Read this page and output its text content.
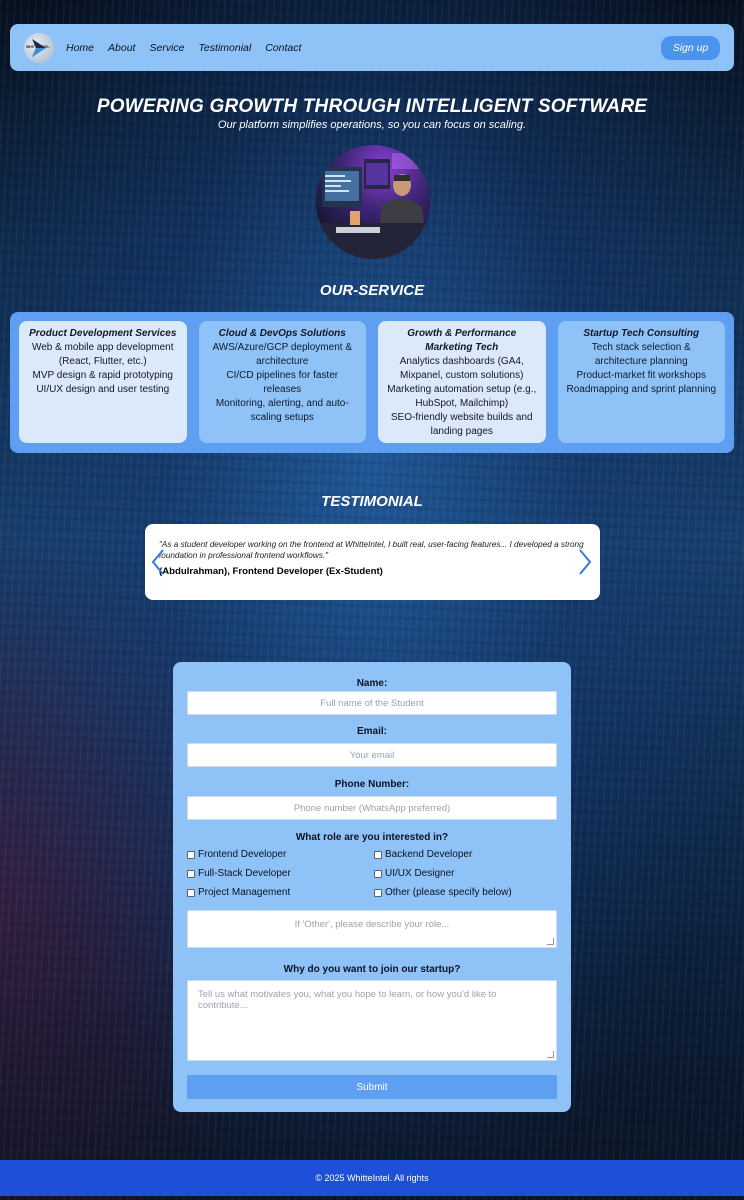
WHITTEINTEL Home About Service Testimonial Contact	Sign up
POWERING GROWTH THROUGH INTELLIGENT SOFTWARE
Our platform simplifies operations, so you can focus on scaling.
OUR-SERVICE
Product Development Services
Web & mobile app development (React, Flutter, etc.)
MVP design & rapid prototyping
UI/UX design and user testing
Cloud & DevOps Solutions
AWS/Azure/GCP deployment & architecture
CI/CD pipelines for faster releases
Monitoring, alerting, and auto-scaling setups
Growth & Performance Marketing Tech
Analytics dashboards (GA4, Mixpanel, custom solutions)
Marketing automation setup (e.g., HubSpot, Mailchimp)
SEO-friendly website builds and landing pages
Startup Tech Consulting
Tech stack selection & architecture planning
Product-market fit workshops
Roadmapping and sprint planning
TESTIMONIAL
"As a student developer working on the frontend at WhitteIntel, I built real, user-facing features... I developed a strong foundation in professional frontend workflows."
(Abdulrahman), Frontend Developer (Ex-Student)
Name:
Full name of the Student
Email:
Your email
Phone Number:
Phone number (WhatsApp preferred)
What role are you interested in?
Frontend Developer	Backend Developer
Full-Stack Developer	UI/UX Designer
Project Management	Other (please specify below)
If 'Other', please describe your role...
Why do you want to join our startup?
Tell us what motivates you, what you hope to learn, or how you'd like to contribute...
Submit
© 2025 WhitteIntel. All rights
